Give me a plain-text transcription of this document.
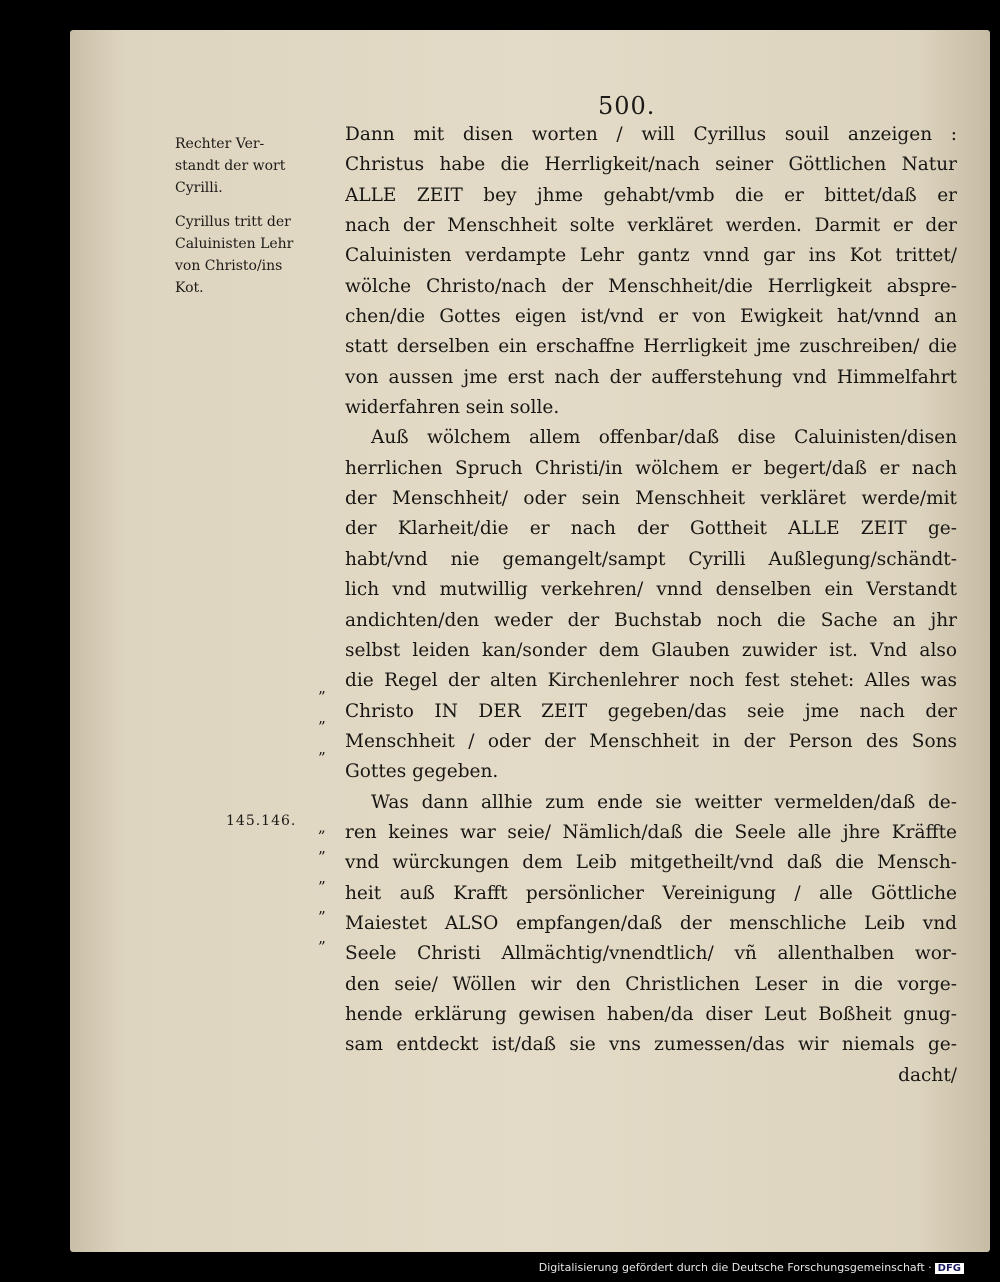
500.
Rechter Ver-
standt der wort
Cyrilli.
Cyrillus tritt der
Caluinisten Lehr
von Christo/ins
Kot.
145.146.
”
”
”
„
”
”
”
”
Dann mit disen worten / will Cyrillus souil anzeigen :
Christus habe die Herrligkeit/nach seiner Göttlichen Natur
ALLE ZEIT bey jhme gehabt/vmb die er bittet/daß er
nach der Menschheit solte verkläret werden. Darmit er der
Caluinisten verdampte Lehr gantz vnnd gar ins Kot trittet/
wölche Christo/nach der Menschheit/die Herrligkeit abspre-
chen/die Gottes eigen ist/vnd er von Ewigkeit hat/vnnd an
statt derselben ein erschaffne Herrligkeit jme zuschreiben/ die
von aussen jme erst nach der aufferstehung vnd Himmelfahrt
widerfahren sein solle.
Auß wölchem allem offenbar/daß dise Caluinisten/disen
herrlichen Spruch Christi/in wölchem er begert/daß er nach
der Menschheit/ oder sein Menschheit verkläret werde/mit
der Klarheit/die er nach der Gottheit ALLE ZEIT ge-
habt/vnd nie gemangelt/sampt Cyrilli Außlegung/schändt-
lich vnd mutwillig verkehren/ vnnd denselben ein Verstandt
andichten/den weder der Buchstab noch die Sache an jhr
selbst leiden kan/sonder dem Glauben zuwider ist. Vnd also
die Regel der alten Kirchenlehrer noch fest stehet: Alles was
Christo IN DER ZEIT gegeben/das seie jme nach der
Menschheit / oder der Menschheit in der Person des Sons
Gottes gegeben.
Was dann allhie zum ende sie weitter vermelden/daß de-
ren keines war seie/ Nämlich/daß die Seele alle jhre Kräffte
vnd würckungen dem Leib mitgetheilt/vnd daß die Mensch-
heit auß Krafft persönlicher Vereinigung / alle Göttliche
Maiestet ALSO empfangen/daß der menschliche Leib vnd
Seele Christi Allmächtig/vnendtlich/ vñ allenthalben wor-
den seie/ Wöllen wir den Christlichen Leser in die vorge-
hende erklärung gewisen haben/da diser Leut Boßheit gnug-
sam entdeckt ist/daß sie vns zumessen/das wir niemals ge-
dacht/
Digitalisierung gefördert durch die Deutsche Forschungsgemeinschaft · DFG
